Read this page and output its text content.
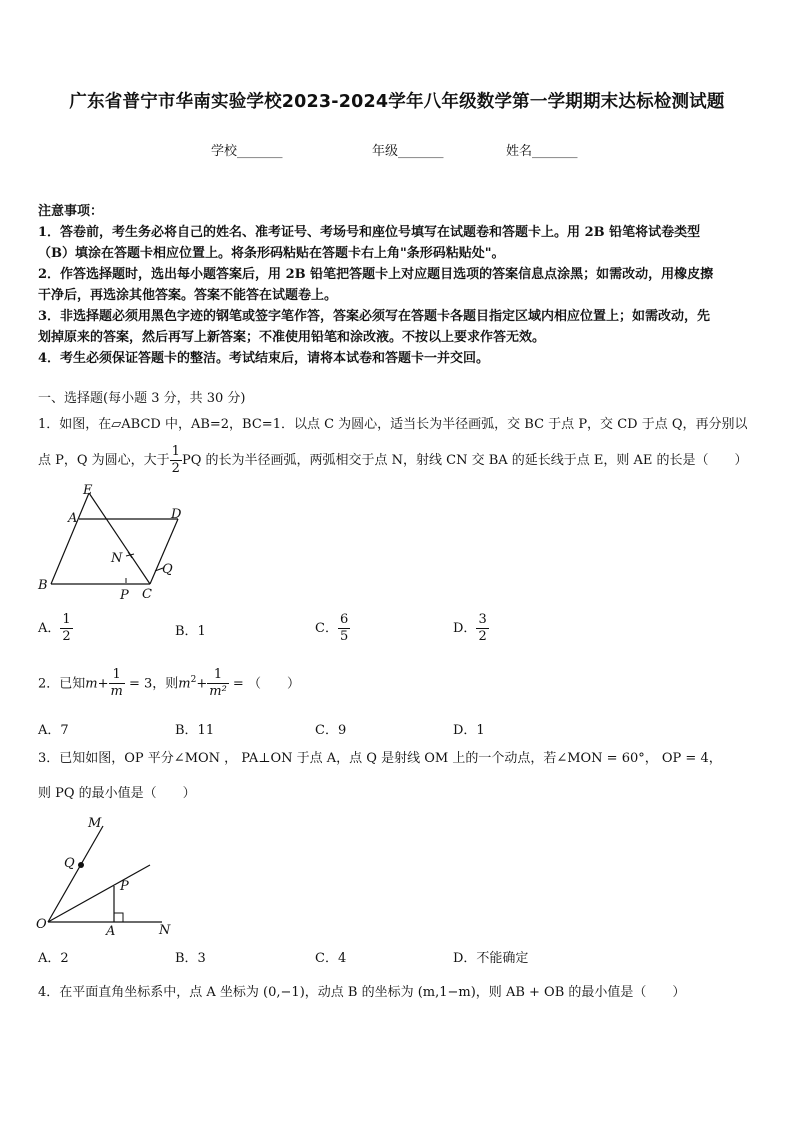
广东省普宁市华南实验学校2023-2024学年八年级数学第一学期期末达标检测试题
学校_______	年级_______	姓名_______
注意事项：
1．答卷前，考生务必将自己的姓名、准考证号、考场号和座位号填写在试题卷和答题卡上。用 2B 铅笔将试卷类型
（B）填涂在答题卡相应位置上。将条形码粘贴在答题卡右上角"条形码粘贴处"。
2．作答选择题时，选出每小题答案后，用 2B 铅笔把答题卡上对应题目选项的答案信息点涂黑；如需改动，用橡皮擦
干净后，再选涂其他答案。答案不能答在试题卷上。
3．非选择题必须用黑色字迹的钢笔或签字笔作答，答案必须写在答题卡各题目指定区域内相应位置上；如需改动，先
划掉原来的答案，然后再写上新答案；不准使用铅笔和涂改液。不按以上要求作答无效。
4．考生必须保证答题卡的整洁。考试结束后，请将本试卷和答题卡一并交回。
一、选择题(每小题 3 分，共 30 分)
1．如图，在▱ABCD 中，AB=2，BC=1．以点 C 为圆心，适当长为半径画弧，交 BC 于点 P，交 CD 于点 Q，再分别以
点 P，Q 为圆心，大于 $\frac{1}{2}$ PQ 的长为半径画弧，两弧相交于点 N，射线 CN 交 BA 的延长线于点 E，则 AE 的长是（　　）
E
A	D
N
Q
B
P C
A． $\frac{1}{2}$	B．1	C． $\frac{6}{5}$	D． $\frac{3}{2}$
2．已知$m+ \frac{1}{m} = 3$，则$m^2+ \frac{1}{\text{m²}}$ = （　　）
A．7	B．11	C．9	D．1
3．已知如图，OP 平分∠MON ， PA⊥ON 于点 A，点 Q 是射线 OM 上的一个动点，若∠MON = 60°， OP = 4，
则 PQ 的最小值是（　　）
M
Q
P
O	A	N
A．2	B．3	C．4	D．不能确定
4．在平面直角坐标系中，点 A 坐标为 (0,−1)，动点 B 的坐标为 (m,1−m)，则 AB + OB 的最小值是（　　）
